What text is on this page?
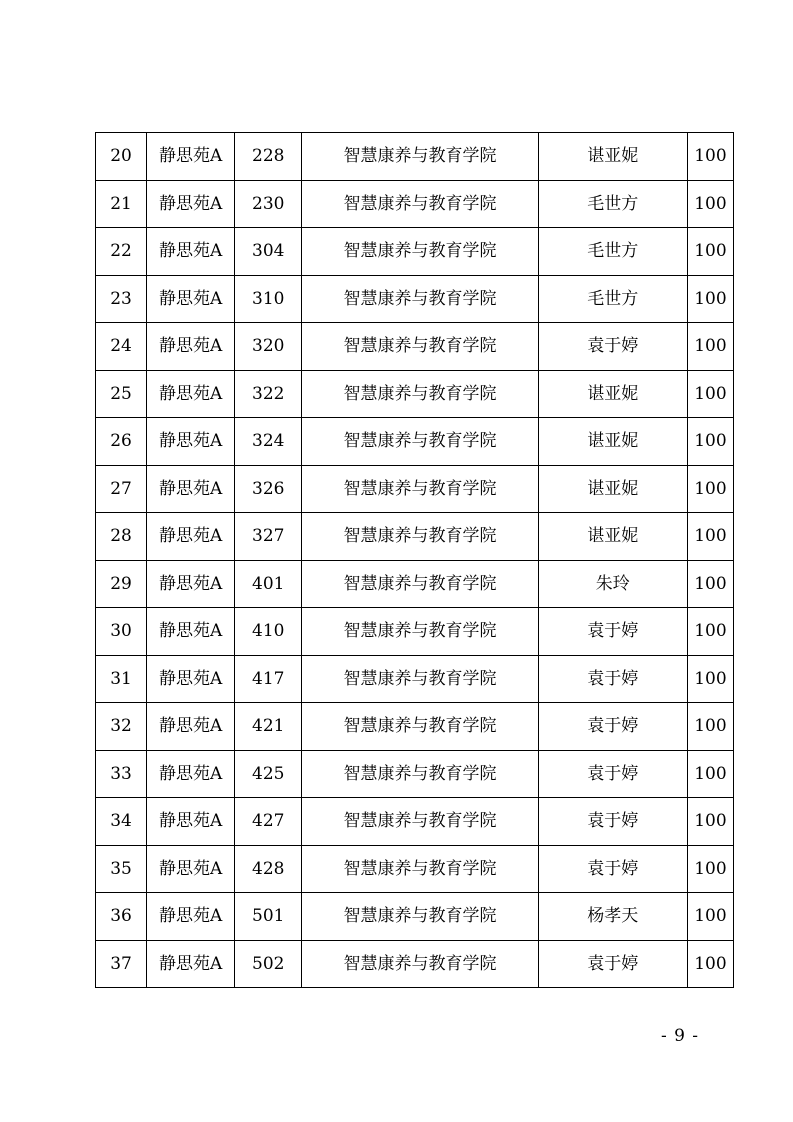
20	静思苑A	228	智慧康养与教育学院	谌亚妮	100
21	静思苑A	230	智慧康养与教育学院	毛世方	100
22	静思苑A	304	智慧康养与教育学院	毛世方	100
23	静思苑A	310	智慧康养与教育学院	毛世方	100
24	静思苑A	320	智慧康养与教育学院	袁于婷	100
25	静思苑A	322	智慧康养与教育学院	谌亚妮	100
26	静思苑A	324	智慧康养与教育学院	谌亚妮	100
27	静思苑A	326	智慧康养与教育学院	谌亚妮	100
28	静思苑A	327	智慧康养与教育学院	谌亚妮	100
29	静思苑A	401	智慧康养与教育学院	朱玲	100
30	静思苑A	410	智慧康养与教育学院	袁于婷	100
31	静思苑A	417	智慧康养与教育学院	袁于婷	100
32	静思苑A	421	智慧康养与教育学院	袁于婷	100
33	静思苑A	425	智慧康养与教育学院	袁于婷	100
34	静思苑A	427	智慧康养与教育学院	袁于婷	100
35	静思苑A	428	智慧康养与教育学院	袁于婷	100
36	静思苑A	501	智慧康养与教育学院	杨孝天	100
37	静思苑A	502	智慧康养与教育学院	袁于婷	100
- 9 -
